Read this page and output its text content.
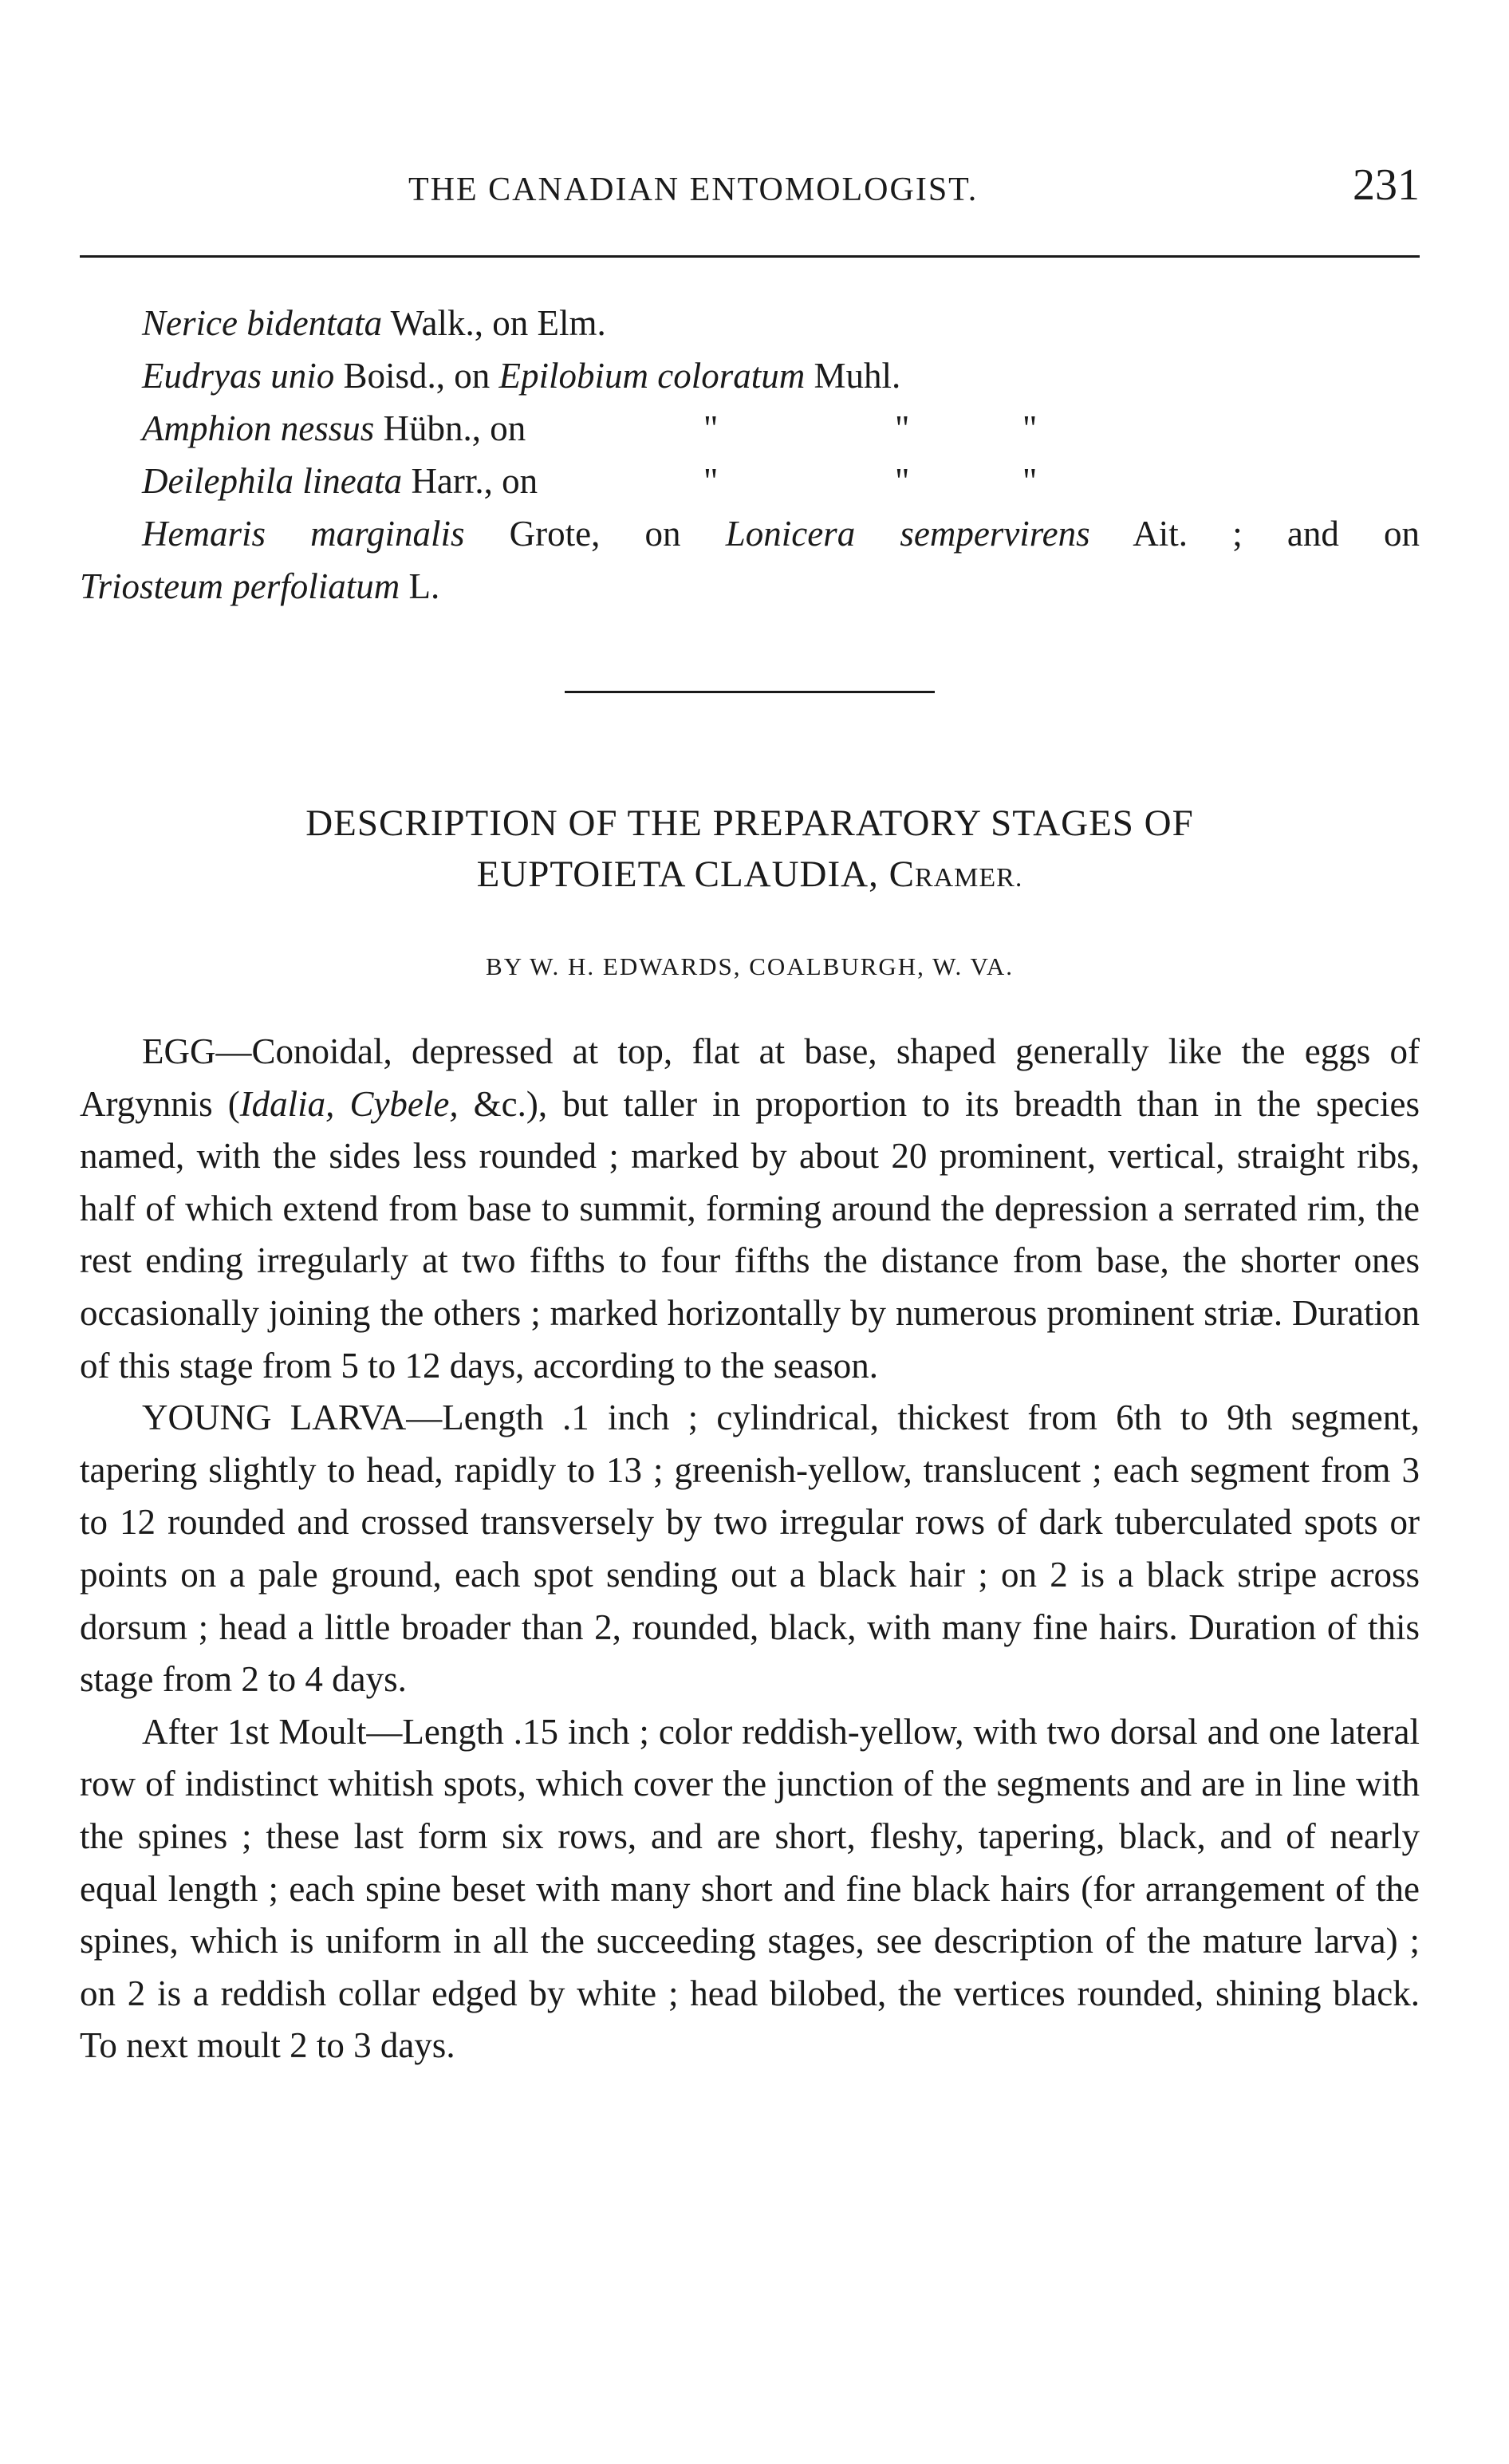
THE CANADIAN ENTOMOLOGIST.	231
Nerice bidentata Walk., on Elm.
Eudryas unio Boisd., on Epilobium coloratum Muhl.
Amphion nessus Hübn., on	"	"	"
Deilephila lineata Harr., on	"	"	"
Hemaris marginalis Grote, on Lonicera sempervirens Ait. ; and on
Triosteum perfoliatum L.
DESCRIPTION OF THE PREPARATORY STAGES OF
EUPTOIETA CLAUDIA, CRAMER.
BY W. H. EDWARDS, COALBURGH, W. VA.

EGG—Conoidal, depressed at top, flat at base, shaped generally like the eggs of Argynnis (Idalia, Cybele, &c.), but taller in proportion to its breadth than in the species named, with the sides less rounded ; marked by about 20 prominent, vertical, straight ribs, half of which extend from base to summit, forming around the depression a serrated rim, the rest ending irregularly at two fifths to four fifths the distance from base, the shorter ones occasionally joining the others ; marked horizontally by numerous prominent striæ. Duration of this stage from 5 to 12 days, according to the season.

YOUNG LARVA—Length .1 inch ; cylindrical, thickest from 6th to 9th segment, tapering slightly to head, rapidly to 13 ; greenish-yellow, translucent ; each segment from 3 to 12 rounded and crossed transversely by two irregular rows of dark tuberculated spots or points on a pale ground, each spot sending out a black hair ; on 2 is a black stripe across dorsum ; head a little broader than 2, rounded, black, with many fine hairs. Duration of this stage from 2 to 4 days.

After 1st Moult—Length .15 inch ; color reddish-yellow, with two dorsal and one lateral row of indistinct whitish spots, which cover the junction of the segments and are in line with the spines ; these last form six rows, and are short, fleshy, tapering, black, and of nearly equal length ; each spine beset with many short and fine black hairs (for arrangement of the spines, which is uniform in all the succeeding stages, see description of the mature larva) ; on 2 is a reddish collar edged by white ; head bilobed, the vertices rounded, shining black. To next moult 2 to 3 days.
